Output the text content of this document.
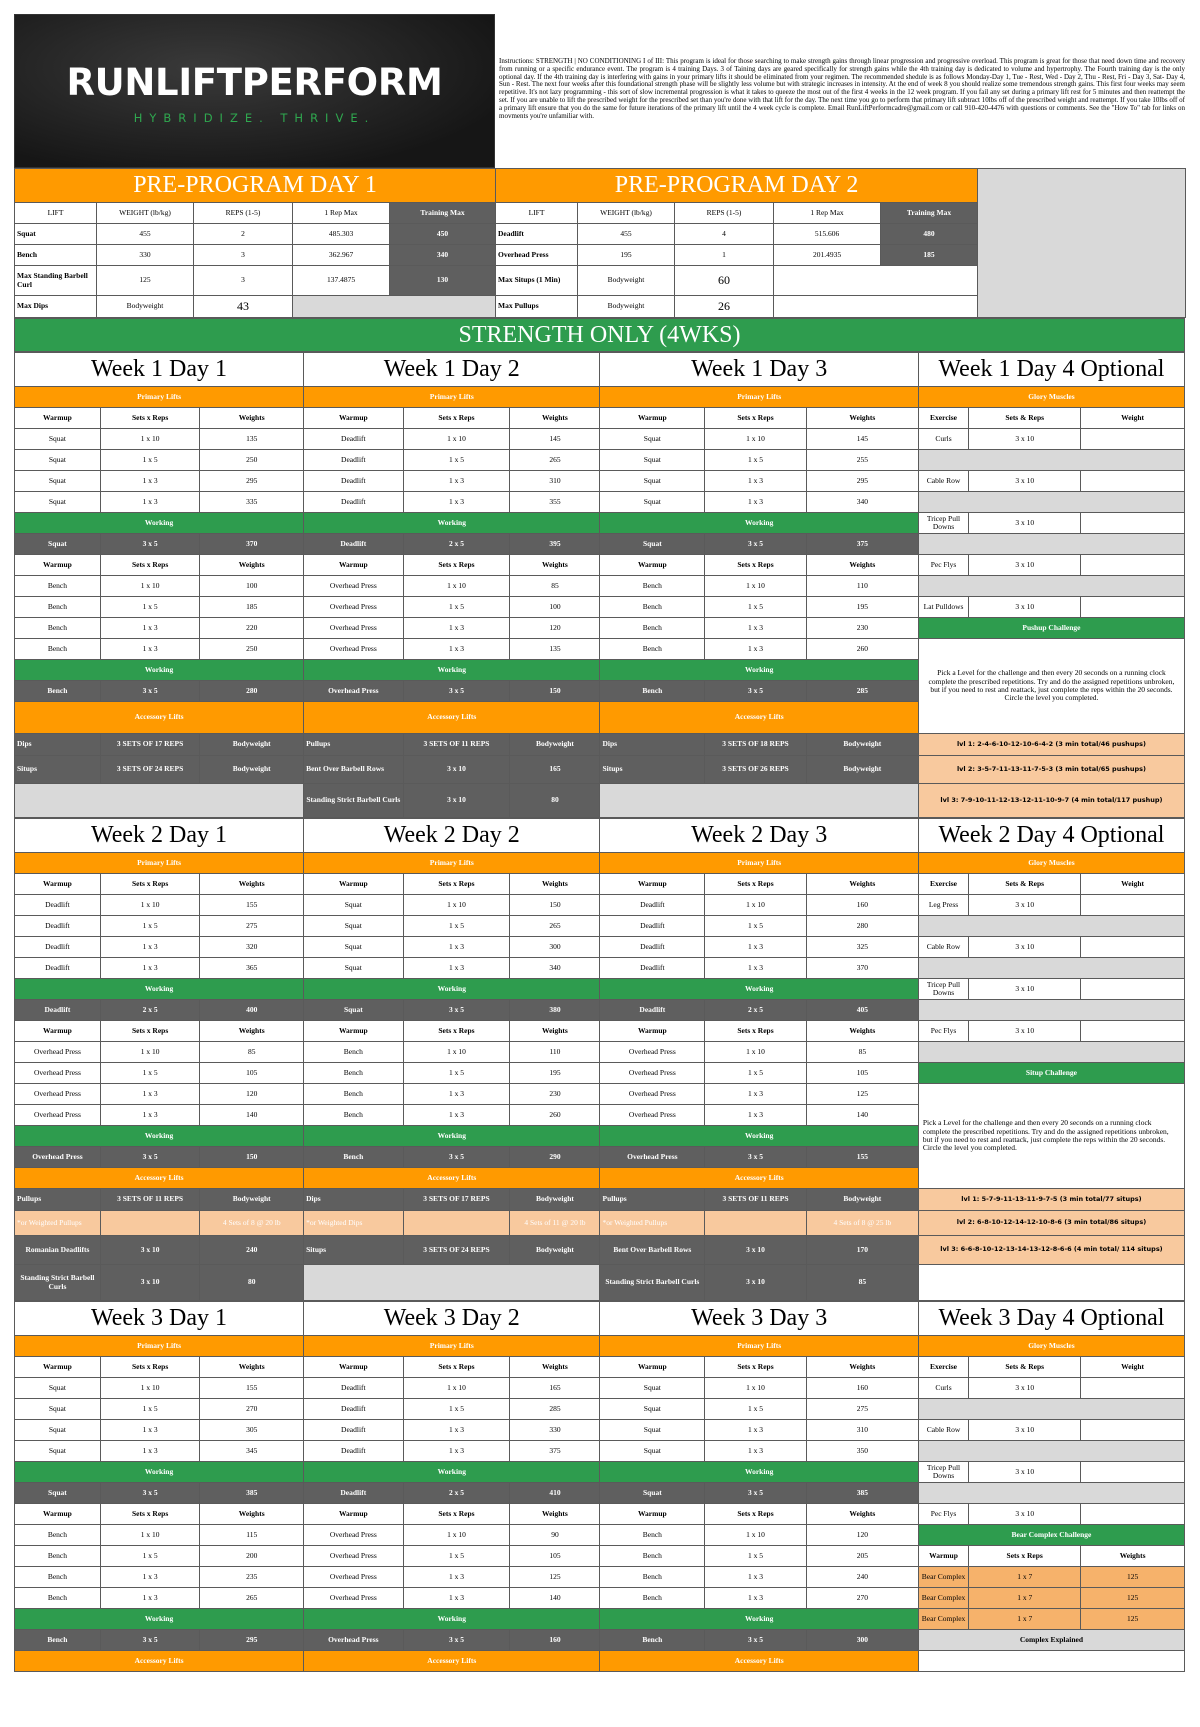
RUNLIFTPERFORM
HYBRIDIZE. THRIVE.
Instructions: STRENGTH | NO CONDITIONING I of III: This program is ideal for those searching to make strength gains through linear progression and progressive overload. This program is great for those that need down time and recovery from running or a specific endurance event. The program is 4 training Days. 3 of Taining days are geared specifically for strength gains while the 4th training day is dedicated to volume and hypertrophy. The Fourth training day is the only optional day. If the 4th training day is interfering with gains in your primary lifts it should be eliminated from your regimen. The recommended shedule is as follows Monday-Day 1, Tue - Rest, Wed - Day 2, Thu - Rest, Fri - Day 3, Sat- Day 4, Sun - Rest. The next four weeks after this foundational strength phase will be slightly less volume but with strategic increases in intensity. At the end of week 8 you should realize some tremendous strength gains. This first four weeks may seem repetitive. It's not lazy programming - this sort of slow incremental progression is what it takes to queeze the most out of the first 4 weeks in the 12 week program. If you fail any set during a primary lift rest for 5 minutes and then reattempt the set. If you are unable to lift the prescribed weight for the prescribed set than you're done with that lift for the day. The next time you go to perform that primary lift subtract 10lbs off of the prescribed weight and reattempt. If you take 10lbs off of a primary lift ensure that you do the same for future iterations of the primary lift until the 4 week cycle is complete. Email RunLiftPerformcadre@gmail.com or call 910-420-4476 with questions or comments. See the "How To" tab for links on movments you're unfamiliar with.
PRE-PROGRAM DAY 1					PRE-PROGRAM DAY 2					
LIFT	WEIGHT (lb/kg)	REPS (1-5)	1 Rep Max	Training Max	LIFT	WEIGHT (lb/kg)	REPS (1-5)	1 Rep Max	Training Max	
Squat	455	2	485.303	450	Deadlift	455	4	515.606	480	
Bench	330	3	362.967	340	Overhead Press	195	1	201.4935	185	
Max Standing Barbell Curl	125	3	137.4875	130	Max Situps (1 Min)	Bodyweight	60			
Max Dips	Bodyweight	43			Max Pullups	Bodyweight	26			
STRENGTH ONLY (4WKS)
Week 1 Day 1			Week 1 Day 2			Week 1 Day 3			Week 1 Day 4 Optional		
Primary Lifts			Primary Lifts			Primary Lifts			Glory Muscles		
Warmup	Sets x Reps	Weights	Warmup	Sets x Reps	Weights	Warmup	Sets x Reps	Weights	Exercise	Sets & Reps	Weight
Squat	1 x 10	135	Deadlift	1 x 10	145	Squat	1 x 10	145	Curls	3 x 10	
Squat	1 x 5	250	Deadlift	1 x 5	265	Squat	1 x 5	255			
Squat	1 x 3	295	Deadlift	1 x 3	310	Squat	1 x 3	295	Cable Row	3 x 10	
Squat	1 x 3	335	Deadlift	1 x 3	355	Squat	1 x 3	340			
Working			Working			Working			Tricep Pull Downs	3 x 10	
Squat	3 x 5	370	Deadlift	2 x 5	395	Squat	3 x 5	375			
Warmup	Sets x Reps	Weights	Warmup	Sets x Reps	Weights	Warmup	Sets x Reps	Weights	Pec Flys	3 x 10	
Bench	1 x 10	100	Overhead Press	1 x 10	85	Bench	1 x 10	110			
Bench	1 x 5	185	Overhead Press	1 x 5	100	Bench	1 x 5	195	Lat Pulldows	3 x 10	
Bench	1 x 3	220	Overhead Press	1 x 3	120	Bench	1 x 3	230	Pushup Challenge		
Bench	1 x 3	250	Overhead Press	1 x 3	135	Bench	1 x 3	260	Pick a Level for the challenge and then every 20 seconds on a running clock complete the prescribed repetitions. Try and do the assigned repetitions unbroken, but if you need to rest and reattack, just complete the reps within the 20 seconds. Circle the level you completed.		
Working			Working			Working					
Bench	3 x 5	280	Overhead Press	3 x 5	150	Bench	3 x 5	285			
Accessory Lifts			Accessory Lifts			Accessory Lifts					
Dips	3 SETS OF 17 REPS	Bodyweight	Pullups	3 SETS OF 11 REPS	Bodyweight	Dips	3 SETS OF 18 REPS	Bodyweight	lvl 1: 2-4-6-10-12-10-6-4-2 (3 min total/46 pushups)		
Situps	3 SETS OF 24 REPS	Bodyweight	Bent Over Barbell Rows	3 x 10	165	Situps	3 SETS OF 26 REPS	Bodyweight	lvl 2: 3-5-7-11-13-11-7-5-3 (3 min total/65 pushups)		
			Standing Strict Barbell Curls	3 x 10	80				lvl 3: 7-9-10-11-12-13-12-11-10-9-7 (4 min total/117 pushup)		
Week 2 Day 1			Week 2 Day 2			Week 2 Day 3			Week 2 Day 4 Optional		
Primary Lifts			Primary Lifts			Primary Lifts			Glory Muscles		
Warmup	Sets x Reps	Weights	Warmup	Sets x Reps	Weights	Warmup	Sets x Reps	Weights	Exercise	Sets & Reps	Weight
Deadlift	1 x 10	155	Squat	1 x 10	150	Deadlift	1 x 10	160	Leg Press	3 x 10	
Deadlift	1 x 5	275	Squat	1 x 5	265	Deadlift	1 x 5	280			
Deadlift	1 x 3	320	Squat	1 x 3	300	Deadlift	1 x 3	325	Cable Row	3 x 10	
Deadlift	1 x 3	365	Squat	1 x 3	340	Deadlift	1 x 3	370			
Working			Working			Working			Tricep Pull Downs	3 x 10	
Deadlift	2 x 5	400	Squat	3 x 5	380	Deadlift	2 x 5	405			
Warmup	Sets x Reps	Weights	Warmup	Sets x Reps	Weights	Warmup	Sets x Reps	Weights	Pec Flys	3 x 10	
Overhead Press	1 x 10	85	Bench	1 x 10	110	Overhead Press	1 x 10	85			
Overhead Press	1 x 5	105	Bench	1 x 5	195	Overhead Press	1 x 5	105	Situp Challenge		
Overhead Press	1 x 3	120	Bench	1 x 3	230	Overhead Press	1 x 3	125	Pick a Level for the challenge and then every 20 seconds on a running clock complete the prescribed repetitions. Try and do the assigned repetitions unbroken, but if you need to rest and reattack, just complete the reps within the 20 seconds. Circle the level you completed.		
Overhead Press	1 x 3	140	Bench	1 x 3	260	Overhead Press	1 x 3	140			
Working			Working			Working					
Overhead Press	3 x 5	150	Bench	3 x 5	290	Overhead Press	3 x 5	155			
Accessory Lifts			Accessory Lifts			Accessory Lifts					
Pullups	3 SETS OF 11 REPS	Bodyweight	Dips	3 SETS OF 17 REPS	Bodyweight	Pullups	3 SETS OF 11 REPS	Bodyweight	lvl 1: 5-7-9-11-13-11-9-7-5 (3 min total/77 situps)		
*or Weighted Pullups		4 Sets of 8 @ 20 lb	*or Weighted Dips		4 Sets of 11 @ 20 lb	*or Weighted Pullups		4 Sets of 8 @ 25 lb	lvl 2: 6-8-10-12-14-12-10-8-6 (3 min total/86 situps)		
Romanian Deadlifts	3 x 10	240	Situps	3 SETS OF 24 REPS	Bodyweight	Bent Over Barbell Rows	3 x 10	170	lvl 3: 6-6-8-10-12-13-14-13-12-8-6-6 (4 min total/ 114 situps)		
Standing Strict Barbell Curls	3 x 10	80				Standing Strict Barbell Curls	3 x 10	85			
Week 3 Day 1			Week 3 Day 2			Week 3 Day 3			Week 3 Day 4 Optional		
Primary Lifts			Primary Lifts			Primary Lifts			Glory Muscles		
Warmup	Sets x Reps	Weights	Warmup	Sets x Reps	Weights	Warmup	Sets x Reps	Weights	Exercise	Sets & Reps	Weight
Squat	1 x 10	155	Deadlift	1 x 10	165	Squat	1 x 10	160	Curls	3 x 10	
Squat	1 x 5	270	Deadlift	1 x 5	285	Squat	1 x 5	275			
Squat	1 x 3	305	Deadlift	1 x 3	330	Squat	1 x 3	310	Cable Row	3 x 10	
Squat	1 x 3	345	Deadlift	1 x 3	375	Squat	1 x 3	350			
Working			Working			Working			Tricep Pull Downs	3 x 10	
Squat	3 x 5	385	Deadlift	2 x 5	410	Squat	3 x 5	385			
Warmup	Sets x Reps	Weights	Warmup	Sets x Reps	Weights	Warmup	Sets x Reps	Weights	Pec Flys	3 x 10	
Bench	1 x 10	115	Overhead Press	1 x 10	90	Bench	1 x 10	120	Bear Complex Challenge		
Bench	1 x 5	200	Overhead Press	1 x 5	105	Bench	1 x 5	205	Warmup	Sets x Reps	Weights
Bench	1 x 3	235	Overhead Press	1 x 3	125	Bench	1 x 3	240	Bear Complex	1 x 7	125
Bench	1 x 3	265	Overhead Press	1 x 3	140	Bench	1 x 3	270	Bear Complex	1 x 7	125
Working			Working			Working			Bear Complex	1 x 7	125
Bench	3 x 5	295	Overhead Press	3 x 5	160	Bench	3 x 5	300	Complex Explained		
Accessory Lifts			Accessory Lifts			Accessory Lifts					
